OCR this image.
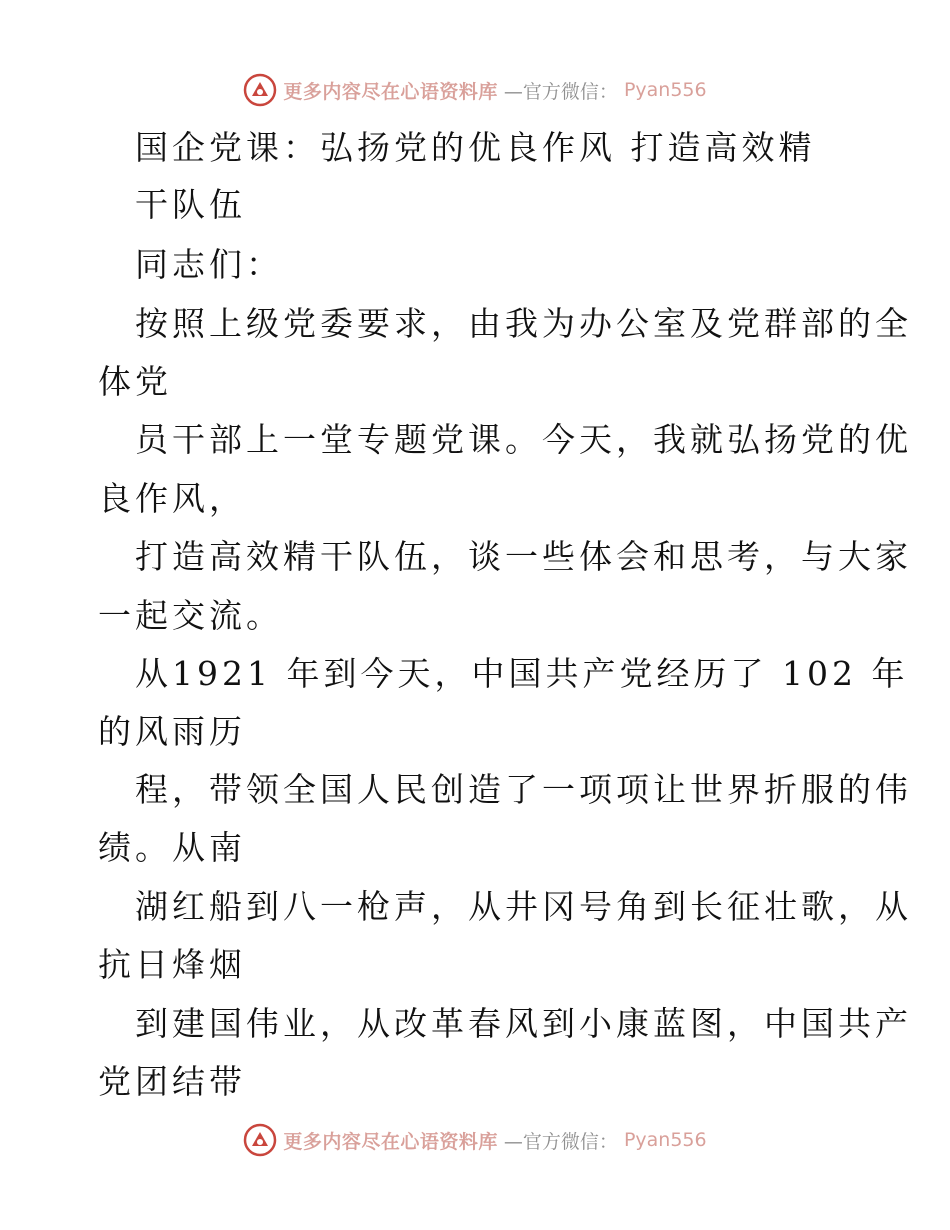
更多内容尽在心语资料库 —官方微信： Pyan556
国企党课：弘扬党的优良作风 打造高效精
干队伍
同志们：
按照上级党委要求，由我为办公室及党群部的全
体党
员干部上一堂专题党课。今天，我就弘扬党的优
良作风，
打造高效精干队伍，谈一些体会和思考，与大家
一起交流。
从1921 年到今天，中国共产党经历了 102 年
的风雨历
程，带领全国人民创造了一项项让世界折服的伟
绩。从南
湖红船到八一枪声，从井冈号角到长征壮歌，从
抗日烽烟
到建国伟业，从改革春风到小康蓝图，中国共产
党团结带
更多内容尽在心语资料库 —官方微信： Pyan556
